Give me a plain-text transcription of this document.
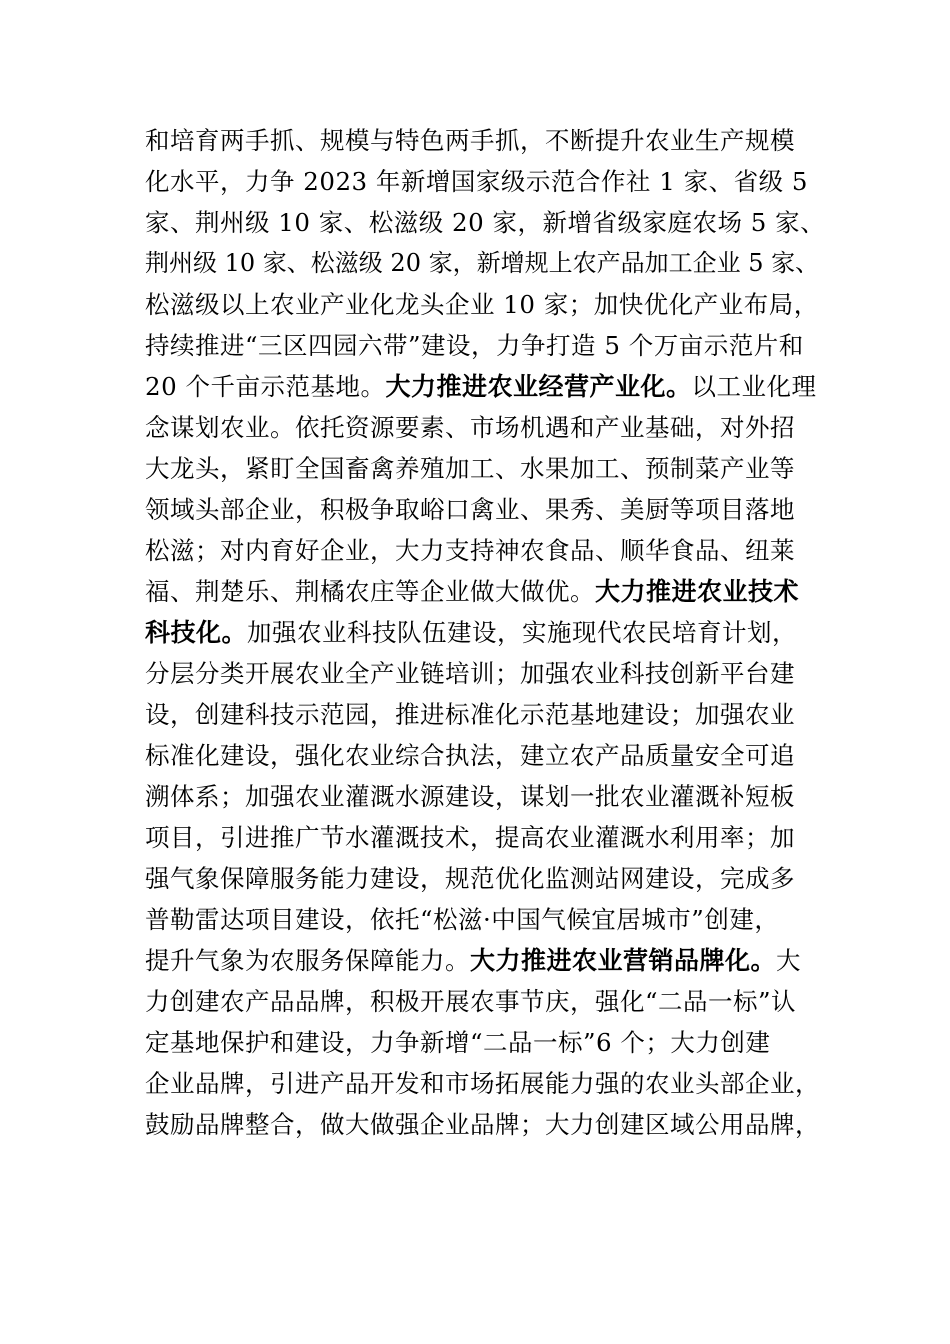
和培育两手抓、规模与特色两手抓，不断提升农业生产规模
化水平，力争 2023 年新增国家级示范合作社 1 家、省级 5
家、荆州级 10 家、松滋级 20 家，新增省级家庭农场 5 家、
荆州级 10 家、松滋级 20 家，新增规上农产品加工企业 5 家、
松滋级以上农业产业化龙头企业 10 家；加快优化产业布局，
持续推进“三区四园六带”建设，力争打造 5 个万亩示范片和
20 个千亩示范基地。大力推进农业经营产业化。以工业化理
念谋划农业。依托资源要素、市场机遇和产业基础，对外招
大龙头，紧盯全国畜禽养殖加工、水果加工、预制菜产业等
领域头部企业，积极争取峪口禽业、果秀、美厨等项目落地
松滋；对内育好企业，大力支持神农食品、顺华食品、纽莱
福、荆楚乐、荆橘农庄等企业做大做优。大力推进农业技术
科技化。加强农业科技队伍建设，实施现代农民培育计划，
分层分类开展农业全产业链培训；加强农业科技创新平台建
设，创建科技示范园，推进标准化示范基地建设；加强农业
标准化建设，强化农业综合执法，建立农产品质量安全可追
溯体系；加强农业灌溉水源建设，谋划一批农业灌溉补短板
项目，引进推广节水灌溉技术，提高农业灌溉水利用率；加
强气象保障服务能力建设，规范优化监测站网建设，完成多
普勒雷达项目建设，依托“松滋·中国气候宜居城市”创建，
提升气象为农服务保障能力。大力推进农业营销品牌化。大
力创建农产品品牌，积极开展农事节庆，强化“二品一标”认
定基地保护和建设，力争新增“二品一标”6 个；大力创建
企业品牌，引进产品开发和市场拓展能力强的农业头部企业，
鼓励品牌整合，做大做强企业品牌；大力创建区域公用品牌，
